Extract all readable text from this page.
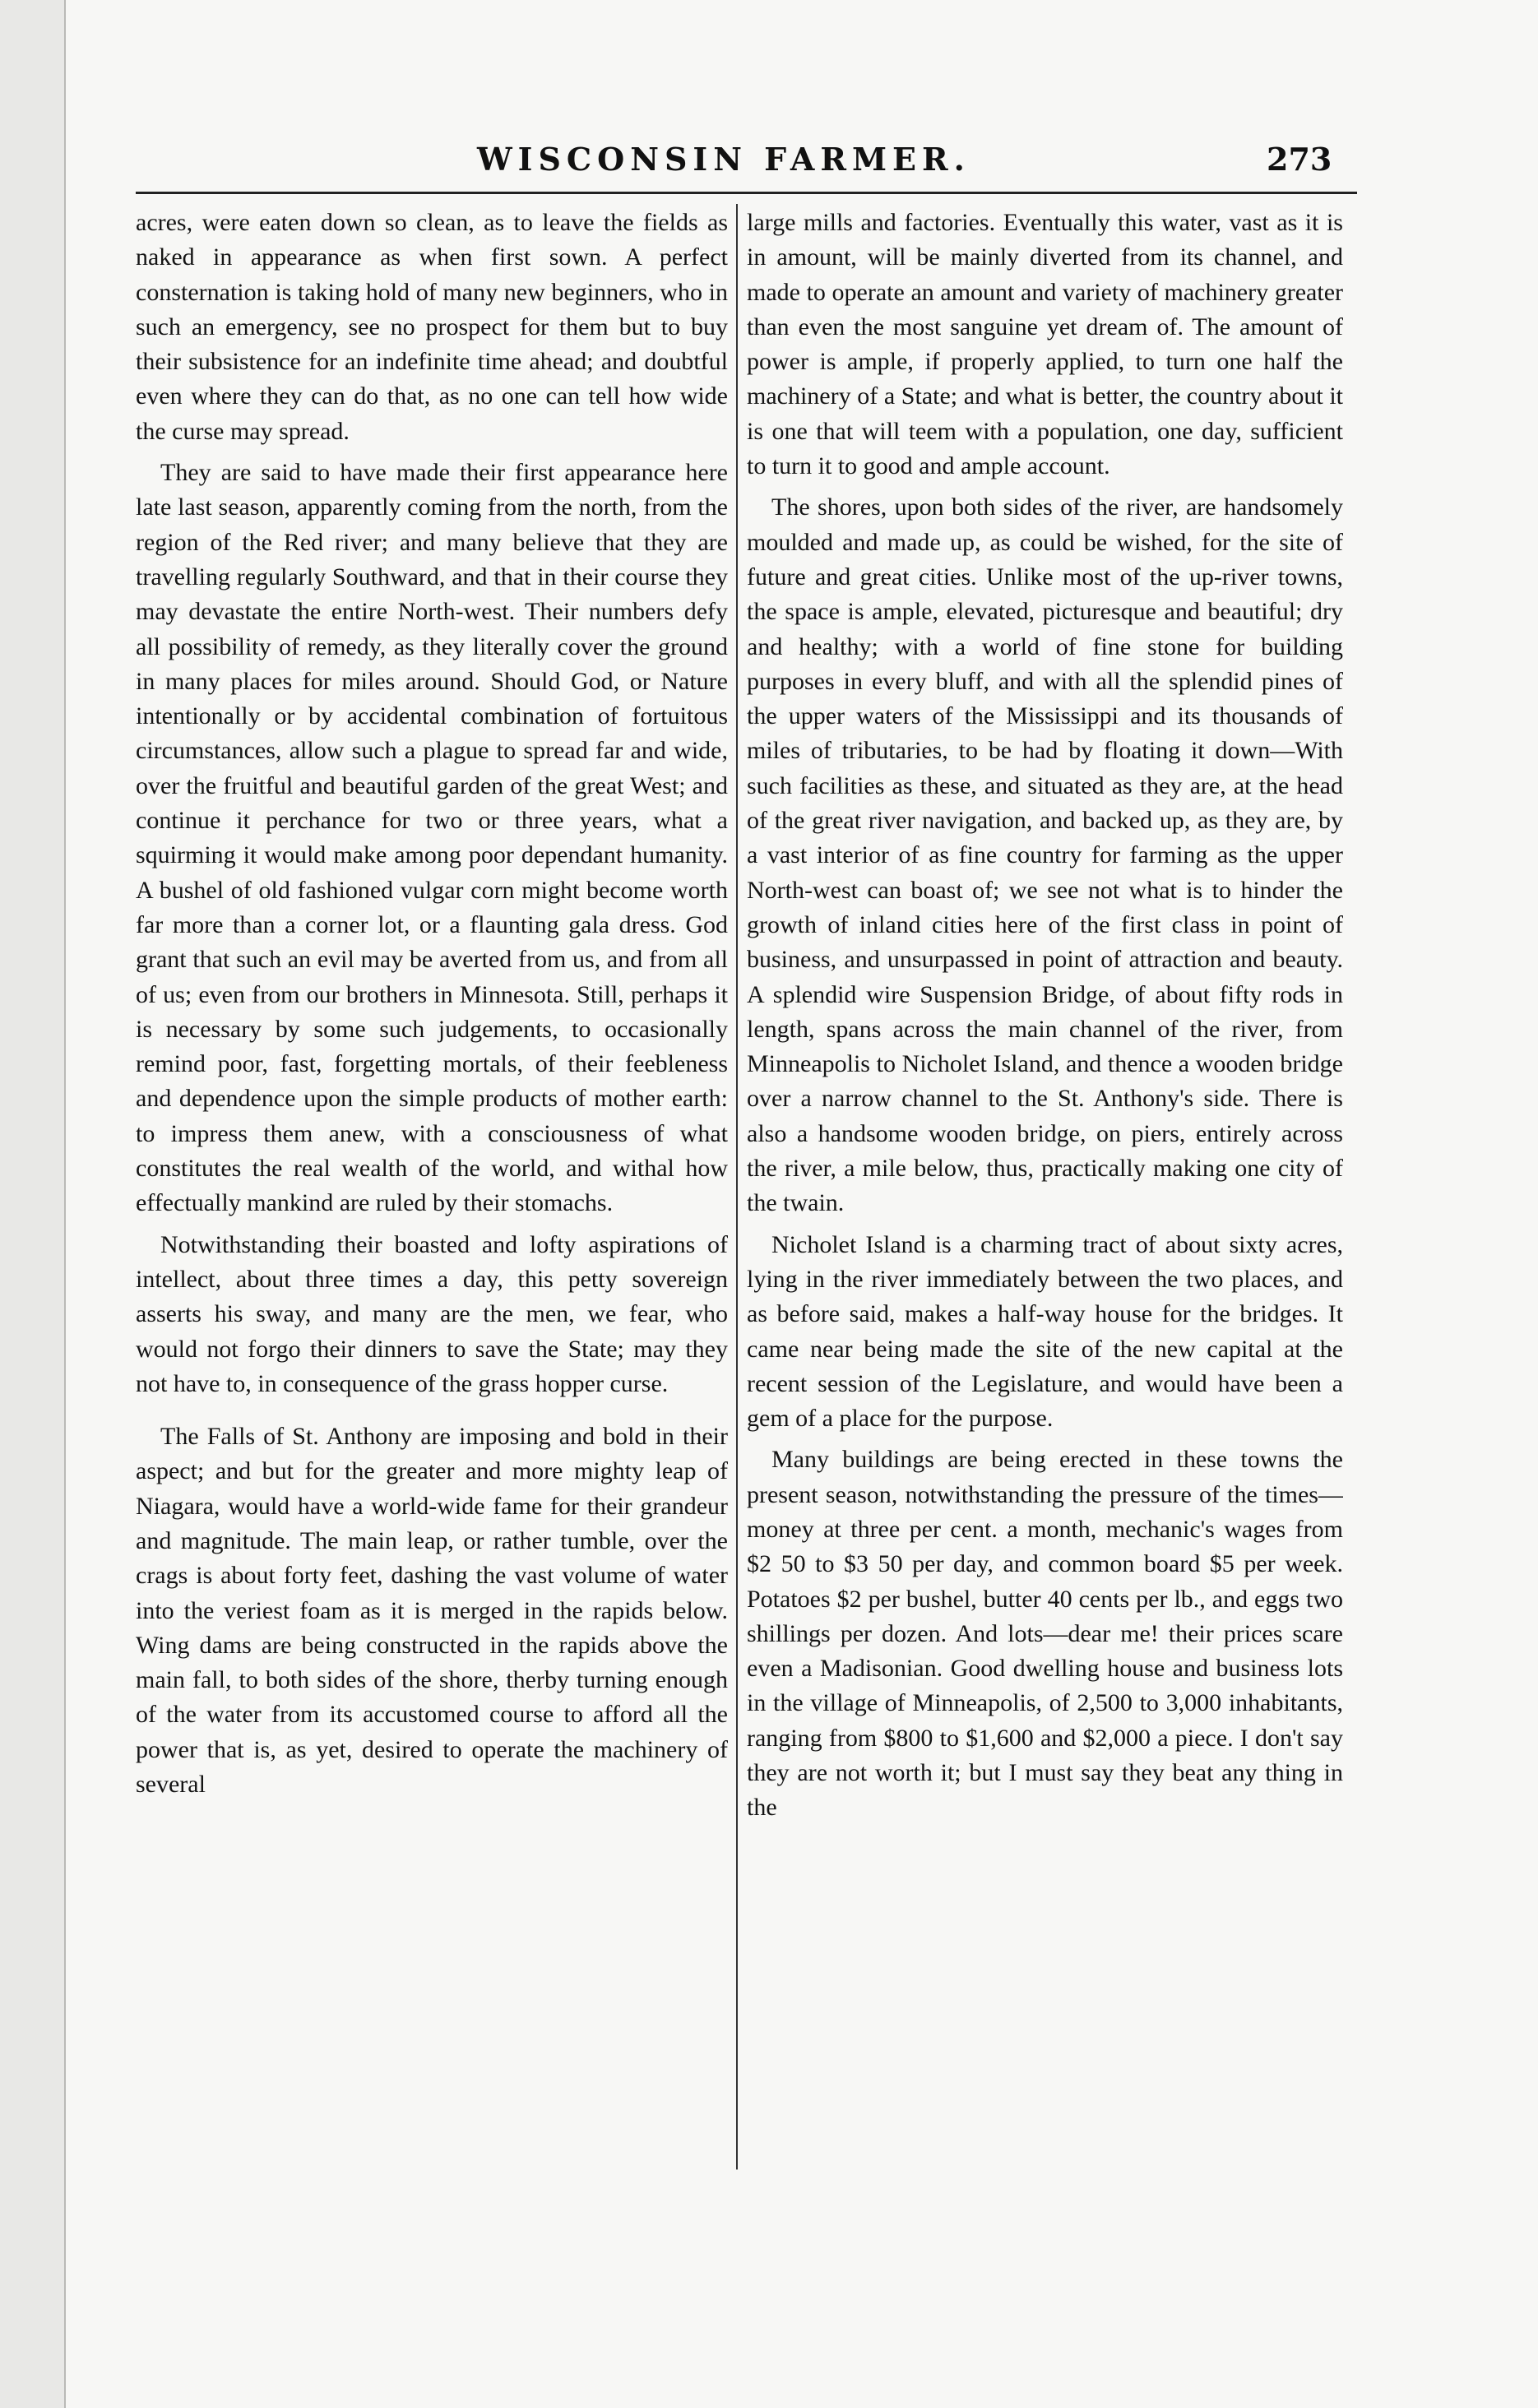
WISCONSIN FARMER.	273

acres, were eaten down so clean, as to leave the fields as naked in appearance as when first sown. A perfect consternation is taking hold of many new beginners, who in such an emergency, see no prospect for them but to buy their subsistence for an indefinite time ahead; and doubtful even where they can do that, as no one can tell how wide the curse may spread.

They are said to have made their first appearance here late last season, apparently coming from the north, from the region of the Red river; and many believe that they are travelling regularly Southward, and that in their course they may devastate the entire North-west. Their numbers defy all possibility of remedy, as they literally cover the ground in many places for miles around. Should God, or Nature intentionally or by accidental combination of fortuitous circumstances, allow such a plague to spread far and wide, over the fruitful and beautiful garden of the great West; and continue it perchance for two or three years, what a squirming it would make among poor dependant humanity. A bushel of old fashioned vulgar corn might become worth far more than a corner lot, or a flaunting gala dress. God grant that such an evil may be averted from us, and from all of us; even from our brothers in Minnesota. Still, perhaps it is necessary by some such judgements, to occasionally remind poor, fast, forgetting mortals, of their feebleness and dependence upon the simple products of mother earth: to impress them anew, with a consciousness of what constitutes the real wealth of the world, and withal how effectually mankind are ruled by their stomachs.

Notwithstanding their boasted and lofty aspirations of intellect, about three times a day, this petty sovereign asserts his sway, and many are the men, we fear, who would not forgo their dinners to save the State; may they not have to, in consequence of the grass hopper curse.

The Falls of St. Anthony are imposing and bold in their aspect; and but for the greater and more mighty leap of Niagara, would have a world-wide fame for their grandeur and magnitude. The main leap, or rather tumble, over the crags is about forty feet, dashing the vast volume of water into the veriest foam as it is merged in the rapids below. Wing dams are being constructed in the rapids above the main fall, to both sides of the shore, therby turning enough of the water from its accustomed course to afford all the power that is, as yet, desired to operate the machinery of several

large mills and factories. Eventually this water, vast as it is in amount, will be mainly diverted from its channel, and made to operate an amount and variety of machinery greater than even the most sanguine yet dream of. The amount of power is ample, if properly applied, to turn one half the machinery of a State; and what is better, the country about it is one that will teem with a population, one day, sufficient to turn it to good and ample account.

The shores, upon both sides of the river, are handsomely moulded and made up, as could be wished, for the site of future and great cities. Unlike most of the up-river towns, the space is ample, elevated, picturesque and beautiful; dry and healthy; with a world of fine stone for building purposes in every bluff, and with all the splendid pines of the upper waters of the Mississippi and its thousands of miles of tributaries, to be had by floating it down—With such facilities as these, and situated as they are, at the head of the great river navigation, and backed up, as they are, by a vast interior of as fine country for farming as the upper North-west can boast of; we see not what is to hinder the growth of inland cities here of the first class in point of business, and unsurpassed in point of attraction and beauty. A splendid wire Suspension Bridge, of about fifty rods in length, spans across the main channel of the river, from Minneapolis to Nicholet Island, and thence a wooden bridge over a narrow channel to the St. Anthony's side. There is also a handsome wooden bridge, on piers, entirely across the river, a mile below, thus, practically making one city of the twain.

Nicholet Island is a charming tract of about sixty acres, lying in the river immediately between the two places, and as before said, makes a half-way house for the bridges. It came near being made the site of the new capital at the recent session of the Legislature, and would have been a gem of a place for the purpose.

Many buildings are being erected in these towns the present season, notwithstanding the pressure of the times—money at three per cent. a month, mechanic's wages from $2 50 to $3 50 per day, and common board $5 per week. Potatoes $2 per bushel, butter 40 cents per lb., and eggs two shillings per dozen. And lots—dear me! their prices scare even a Madisonian. Good dwelling house and business lots in the village of Minneapolis, of 2,500 to 3,000 inhabitants, ranging from $800 to $1,600 and $2,000 a piece. I don't say they are not worth it; but I must say they beat any thing in the
